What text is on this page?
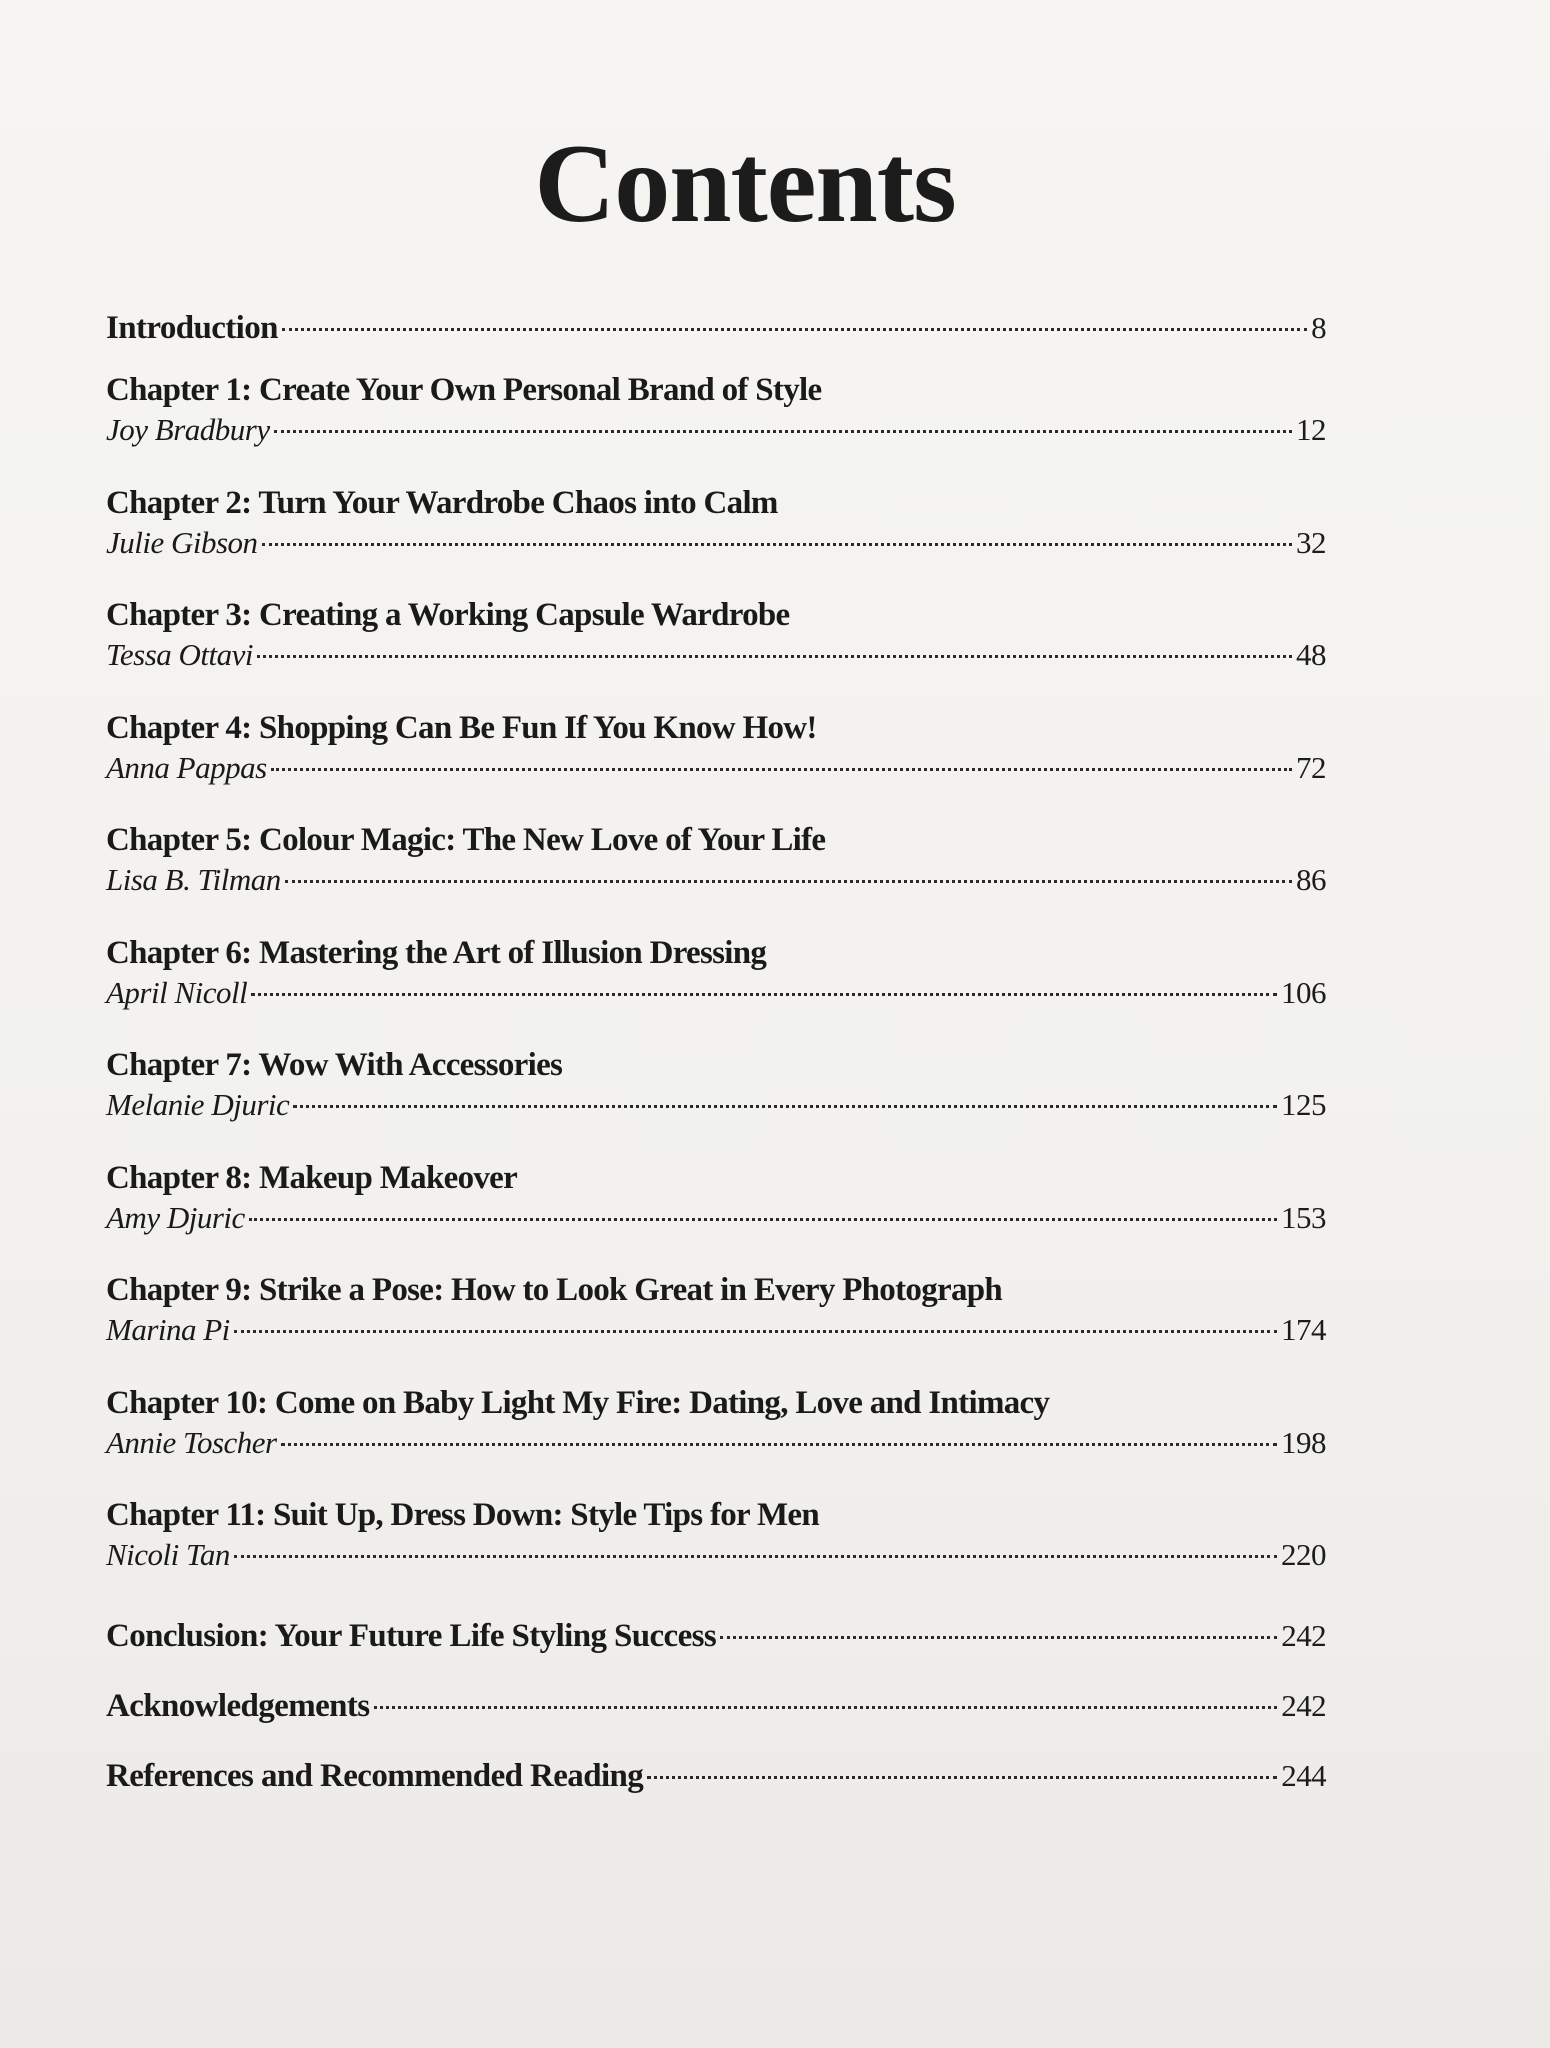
Contents
Introduction	8
Chapter 1: Create Your Own Personal Brand of Style
Joy Bradbury	12
Chapter 2: Turn Your Wardrobe Chaos into Calm
Julie Gibson	32
Chapter 3: Creating a Working Capsule Wardrobe
Tessa Ottavi	48
Chapter 4: Shopping Can Be Fun If You Know How!
Anna Pappas	72
Chapter 5: Colour Magic: The New Love of Your Life
Lisa B. Tilman	86
Chapter 6: Mastering the Art of Illusion Dressing
April Nicoll	106
Chapter 7: Wow With Accessories
Melanie Djuric	125
Chapter 8: Makeup Makeover
Amy Djuric	153
Chapter 9: Strike a Pose: How to Look Great in Every Photograph
Marina Pi	174
Chapter 10: Come on Baby Light My Fire: Dating, Love and Intimacy
Annie Toscher	198
Chapter 11: Suit Up, Dress Down: Style Tips for Men
Nicoli Tan	220
Conclusion: Your Future Life Styling Success	242
Acknowledgements	242
References and Recommended Reading	244
